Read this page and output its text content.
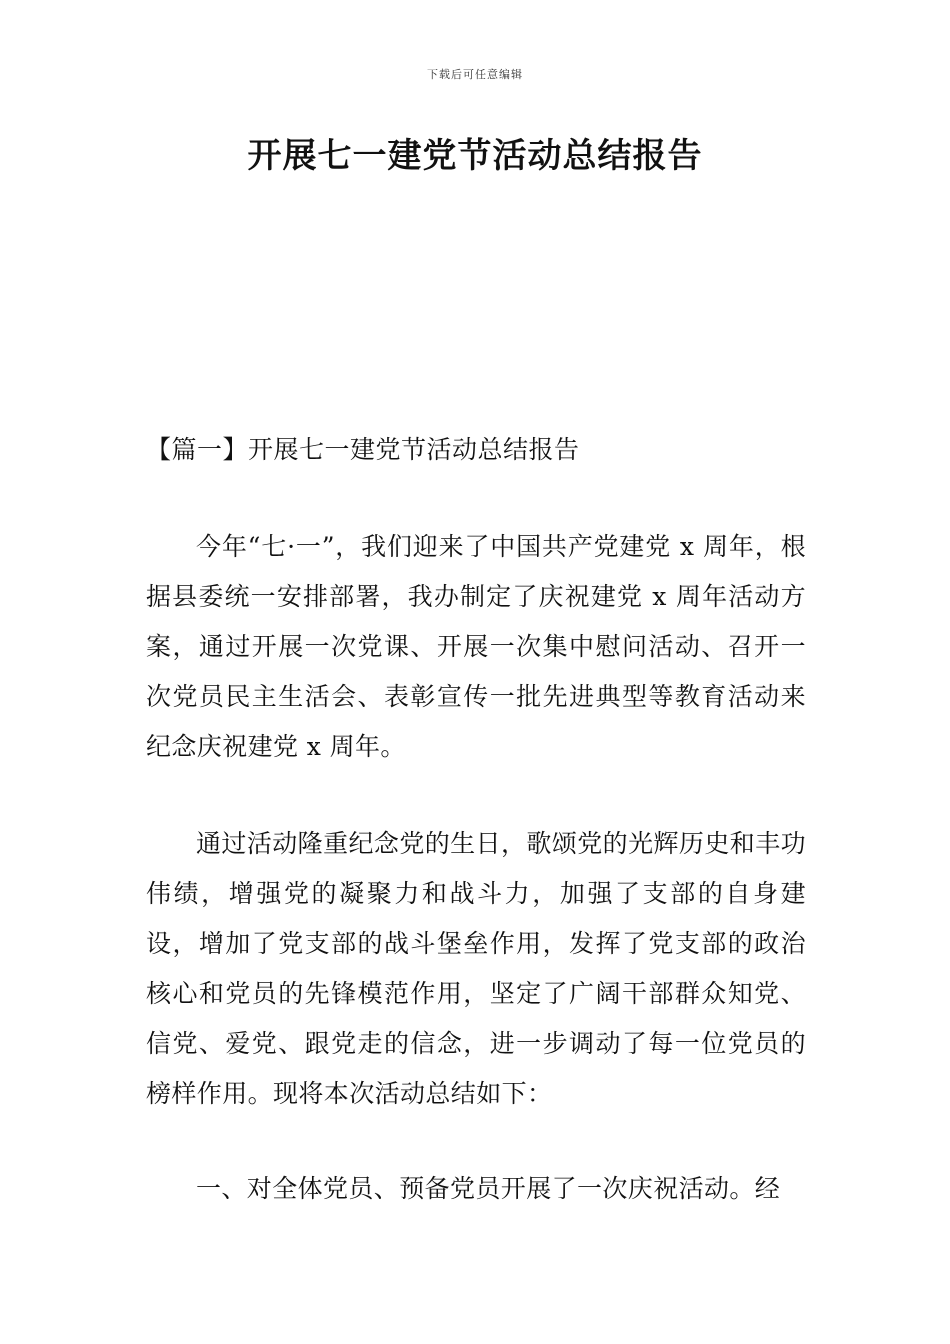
下载后可任意编辑
开展七一建党节活动总结报告
【篇一】开展七一建党节活动总结报告

今年“七·一”，我们迎来了中国共产党建党 x 周年，根据县委统一安排部署，我办制定了庆祝建党 x 周年活动方案，通过开展一次党课、开展一次集中慰问活动、召开一次党员民主生活会、表彰宣传一批先进典型等教育活动来纪念庆祝建党 x 周年。

通过活动隆重纪念党的生日，歌颂党的光辉历史和丰功伟绩，增强党的凝聚力和战斗力，加强了支部的自身建设，增加了党支部的战斗堡垒作用，发挥了党支部的政治核心和党员的先锋模范作用，坚定了广阔干部群众知党、信党、爱党、跟党走的信念，进一步调动了每一位党员的榜样作用。现将本次活动总结如下：

一、对全体党员、预备党员开展了一次庆祝活动。经
